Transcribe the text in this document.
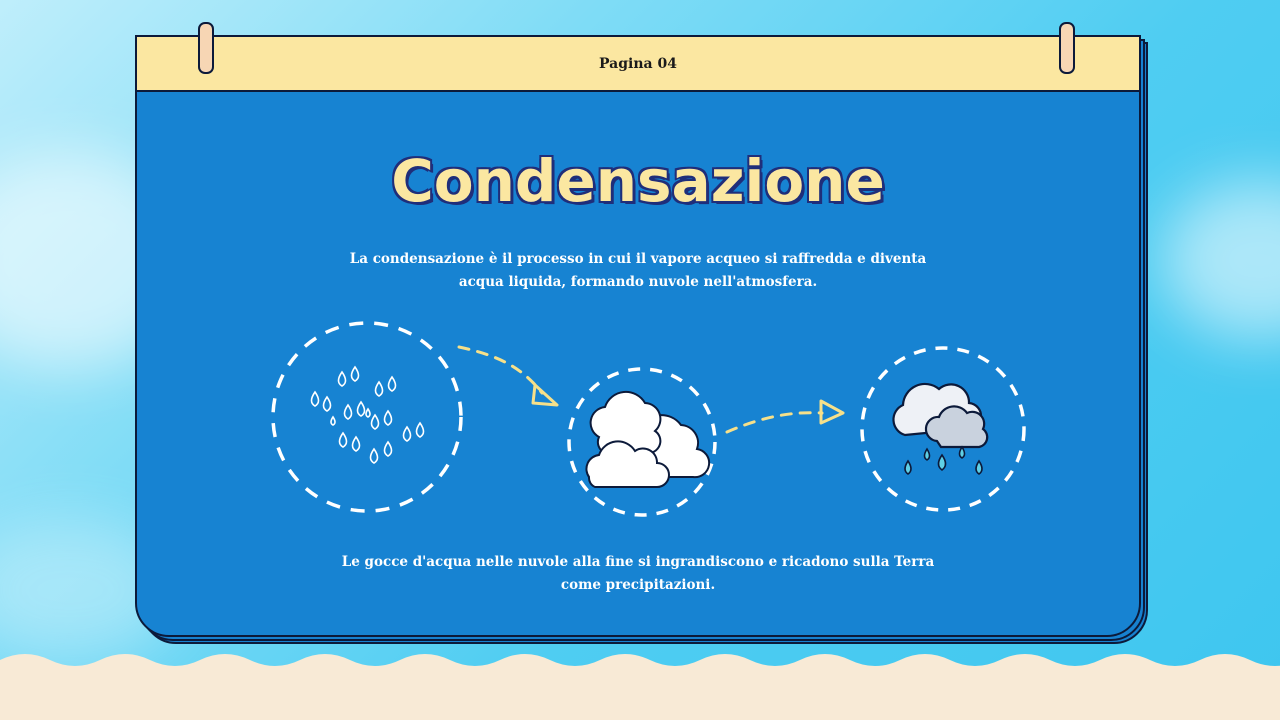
Pagina 04
Condensazione
La condensazione è il processo in cui il vapore acqueo si raffredda e diventa acqua liquida, formando nuvole nell'atmosfera.
Le gocce d'acqua nelle nuvole alla fine si ingrandiscono e ricadono sulla Terra come precipitazioni.
